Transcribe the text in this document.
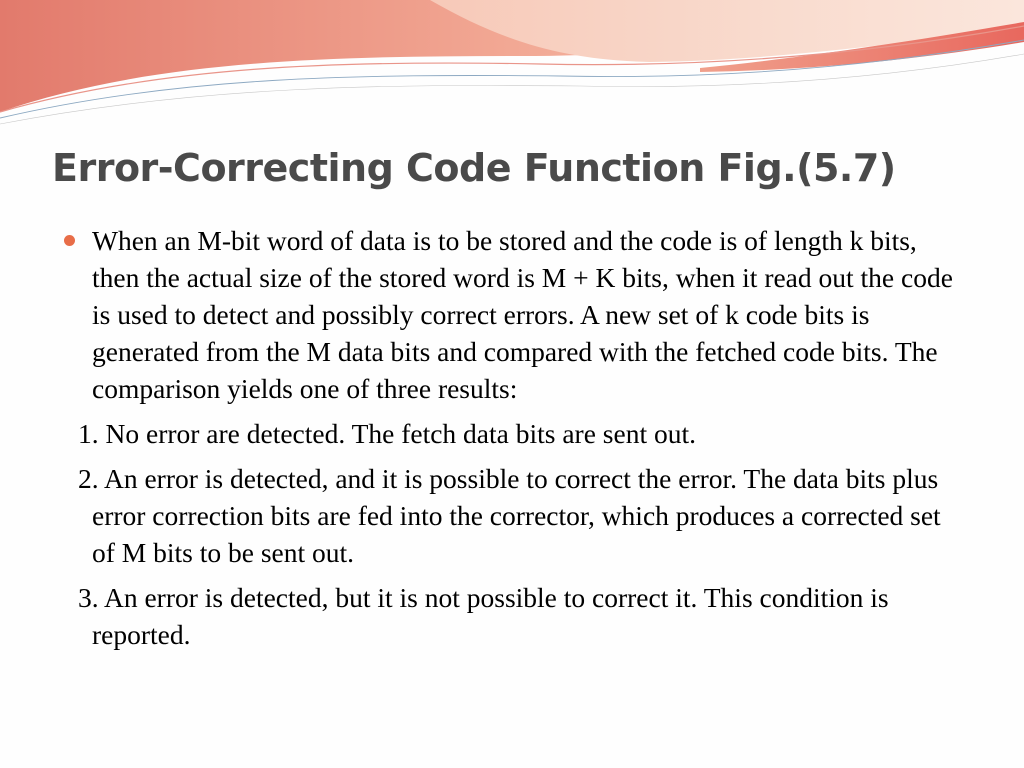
Error-Correcting Code Function Fig.(5.7)
When an M-bit word of data is to be stored and the code is of length k bits, then the actual size of the stored word is M + K bits, when it read out the code is used to detect and possibly correct errors. A new set of k code bits is generated from the M data bits and compared with the fetched code bits. The comparison yields one of three results:
1. No error are detected. The fetch data bits are sent out.
2. An error is detected, and it is possible to correct the error. The data bits plus error correction bits are fed into the corrector, which produces a corrected set of M bits to be sent out.
3. An error is detected, but it is not possible to correct it. This condition is reported.
